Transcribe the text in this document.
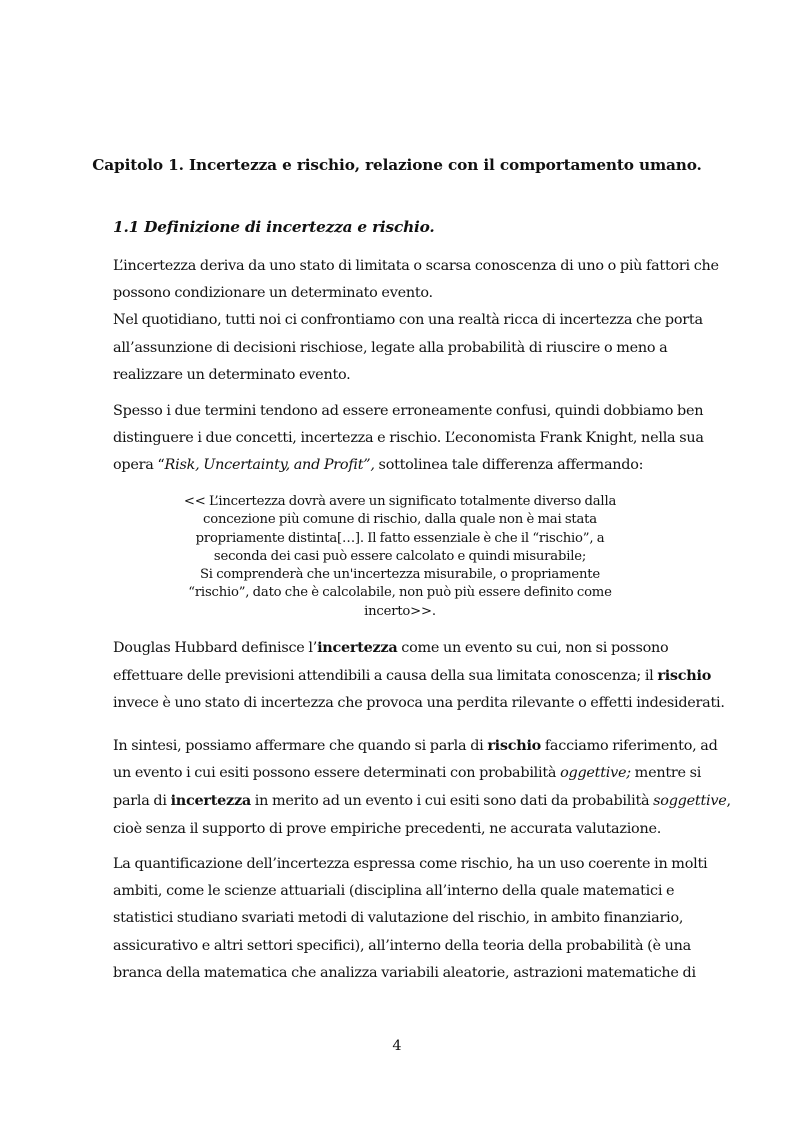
Capitolo 1. Incertezza e rischio, relazione con il comportamento umano.
1.1 Definizione di incertezza e rischio.

L’incertezza deriva da uno stato di limitata o scarsa conoscenza di uno o più fattori che
possono condizionare un determinato evento.
Nel quotidiano, tutti noi ci confrontiamo con una realtà ricca di incertezza che porta
all’assunzione di decisioni rischiose, legate alla probabilità di riuscire o meno a
realizzare un determinato evento.

Spesso i due termini tendono ad essere erroneamente confusi, quindi dobbiamo ben
distinguere i due concetti, incertezza e rischio. L’economista Frank Knight, nella sua
opera “Risk, Uncertainty, and Profit”, sottolinea tale differenza affermando:

<< L’incertezza dovrà avere un significato totalmente diverso dalla
concezione più comune di rischio, dalla quale non è mai stata
propriamente distinta[…]. Il fatto essenziale è che il “rischio”, a
seconda dei casi può essere calcolato e quindi misurabile;
Si comprenderà che un'incertezza misurabile, o propriamente
“rischio”, dato che è calcolabile, non può più essere definito come
incerto>>.

Douglas Hubbard definisce l’incertezza come un evento su cui, non si possono
effettuare delle previsioni attendibili a causa della sua limitata conoscenza; il rischio
invece è uno stato di incertezza che provoca una perdita rilevante o effetti indesiderati.

In sintesi, possiamo affermare che quando si parla di rischio facciamo riferimento, ad
un evento i cui esiti possono essere determinati con probabilità oggettive; mentre si
parla di incertezza in merito ad un evento i cui esiti sono dati da probabilità soggettive,
cioè senza il supporto di prove empiriche precedenti, ne accurata valutazione.

La quantificazione dell’incertezza espressa come rischio, ha un uso coerente in molti
ambiti, come le scienze attuariali (disciplina all’interno della quale matematici e
statistici studiano svariati metodi di valutazione del rischio, in ambito finanziario,
assicurativo e altri settori specifici), all’interno della teoria della probabilità (è una
branca della matematica che analizza variabili aleatorie, astrazioni matematiche di

4
